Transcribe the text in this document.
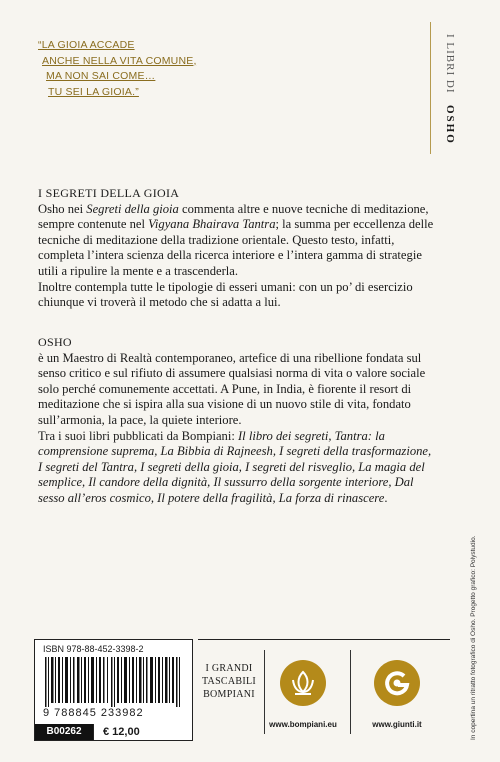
“LA GIOIA ACCADE
ANCHE NELLA VITA COMUNE,
MA NON SAI COME…
TU SEI LA GIOIA.”	I LIBRI DI OSHO

I SEGRETI DELLA GIOIA

Osho nei Segreti della gioia commenta altre e nuove tecniche di meditazione, sempre contenute nel Vigyana Bhairava Tantra; la summa per eccellenza delle tecniche di meditazione della tradizione orientale. Questo testo, infatti, completa l’intera scienza della ricerca interiore e l’intera gamma di strategie utili a ripulire la mente e a trascenderla.

Inoltre contempla tutte le tipologie di esseri umani: con un po’ di esercizio chiunque vi troverà il metodo che si adatta a lui.

OSHO

è un Maestro di Realtà contemporaneo, artefice di una ribellione fondata sul senso critico e sul rifiuto di assumere qualsiasi norma di vita o valore sociale solo perché comunemente accettati. A Pune, in India, è fiorente il resort di meditazione che si ispira alla sua visione di un nuovo stile di vita, fondato sull’armonia, la pace, la quiete interiore.

Tra i suoi libri pubblicati da Bompiani: Il libro dei segreti, Tantra: la comprensione suprema, La Bibbia di Rajneesh, I segreti della trasformazione, I segreti del Tantra, I segreti della gioia, I segreti del risveglio, La magia del semplice, Il candore della dignità, Il sussurro della sorgente interiore, Dal sesso all’eros cosmico, Il potere della fragilità, La forza di rinascere.

In copertina un ritratto fotografico di Osho. Progetto grafico: Polystudio.
ISBN 978-88-452-3398-2
9 788845 233982
B00262	€ 12,00
I GRANDI
TASCABILI
BOMPIANI
www.bompiani.eu	www.giunti.it
